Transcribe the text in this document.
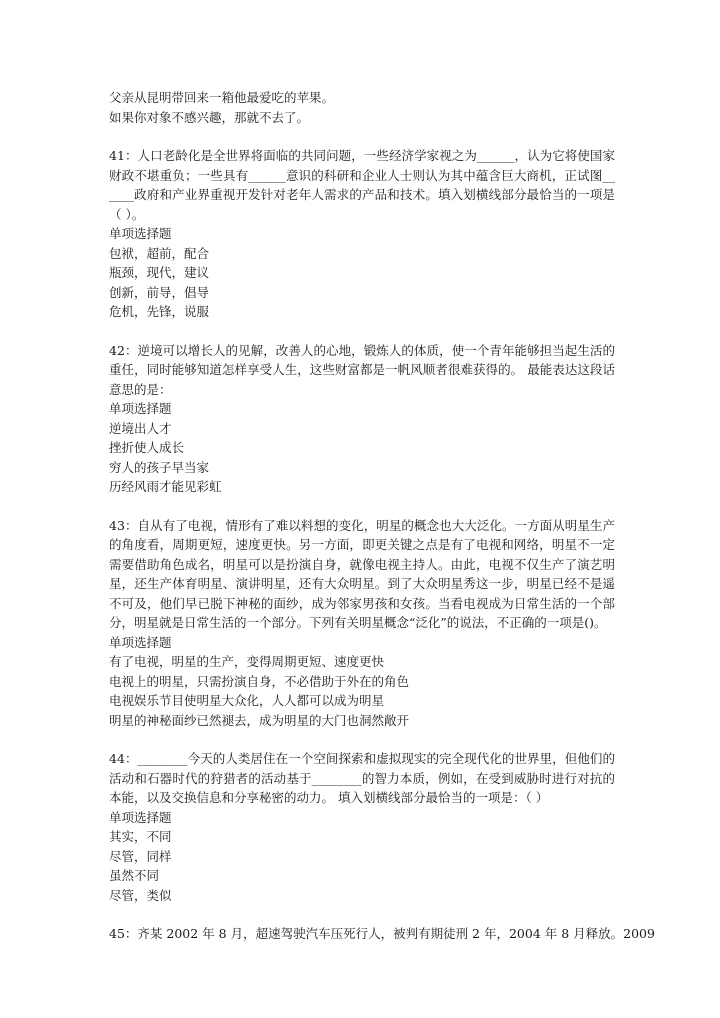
父亲从昆明带回来一箱他最爱吃的苹果。

如果你对象不感兴趣，那就不去了。

41：人口老龄化是全世界将面临的共同问题，一些经济学家视之为______，认为它将使国家财政不堪重负；一些具有______意识的科研和企业人士则认为其中蕴含巨大商机，正试图______政府和产业界重视开发针对老年人需求的产品和技术。填入划横线部分最恰当的一项是（ ）。

单项选择题

包袱，超前，配合
瓶颈，现代，建议
创新，前导，倡导
危机，先锋，说服

42：逆境可以增长人的见解，改善人的心地，锻炼人的体质，使一个青年能够担当起生活的重任，同时能够知道怎样享受人生，这些财富都是一帆风顺者很难获得的。 最能表达这段话意思的是：

单项选择题

逆境出人才
挫折使人成长
穷人的孩子早当家
历经风雨才能见彩虹

43：自从有了电视，情形有了难以料想的变化，明星的概念也大大泛化。一方面从明星生产的角度看，周期更短，速度更快。另一方面，即更关键之点是有了电视和网络，明星不一定需要借助角色成名，明星可以是扮演自身，就像电视主持人。由此，电视不仅生产了演艺明星，还生产体育明星、演讲明星，还有大众明星。到了大众明星秀这一步，明星已经不是遥不可及，他们早已脱下神秘的面纱，成为邻家男孩和女孩。当看电视成为日常生活的一个部分，明星就是日常生活的一个部分。下列有关明星概念“泛化”的说法，不正确的一项是()。

单项选择题

有了电视，明星的生产，变得周期更短、速度更快
电视上的明星，只需扮演自身，不必借助于外在的角色
电视娱乐节目使明星大众化，人人都可以成为明星
明星的神秘面纱已然褪去，成为明星的大门也洞然敞开

44：________今天的人类居住在一个空间探索和虚拟现实的完全现代化的世界里，但他们的活动和石器时代的狩猎者的活动基于________的智力本质，例如，在受到威胁时进行对抗的本能，以及交换信息和分享秘密的动力。 填入划横线部分最恰当的一项是：（ ）

单项选择题

其实，不同
尽管，同样
虽然不同
尽管，类似

45：齐某 2002 年 8 月，超速驾驶汽车压死行人，被判有期徒刑 2 年，2004 年 8 月释放。2009
